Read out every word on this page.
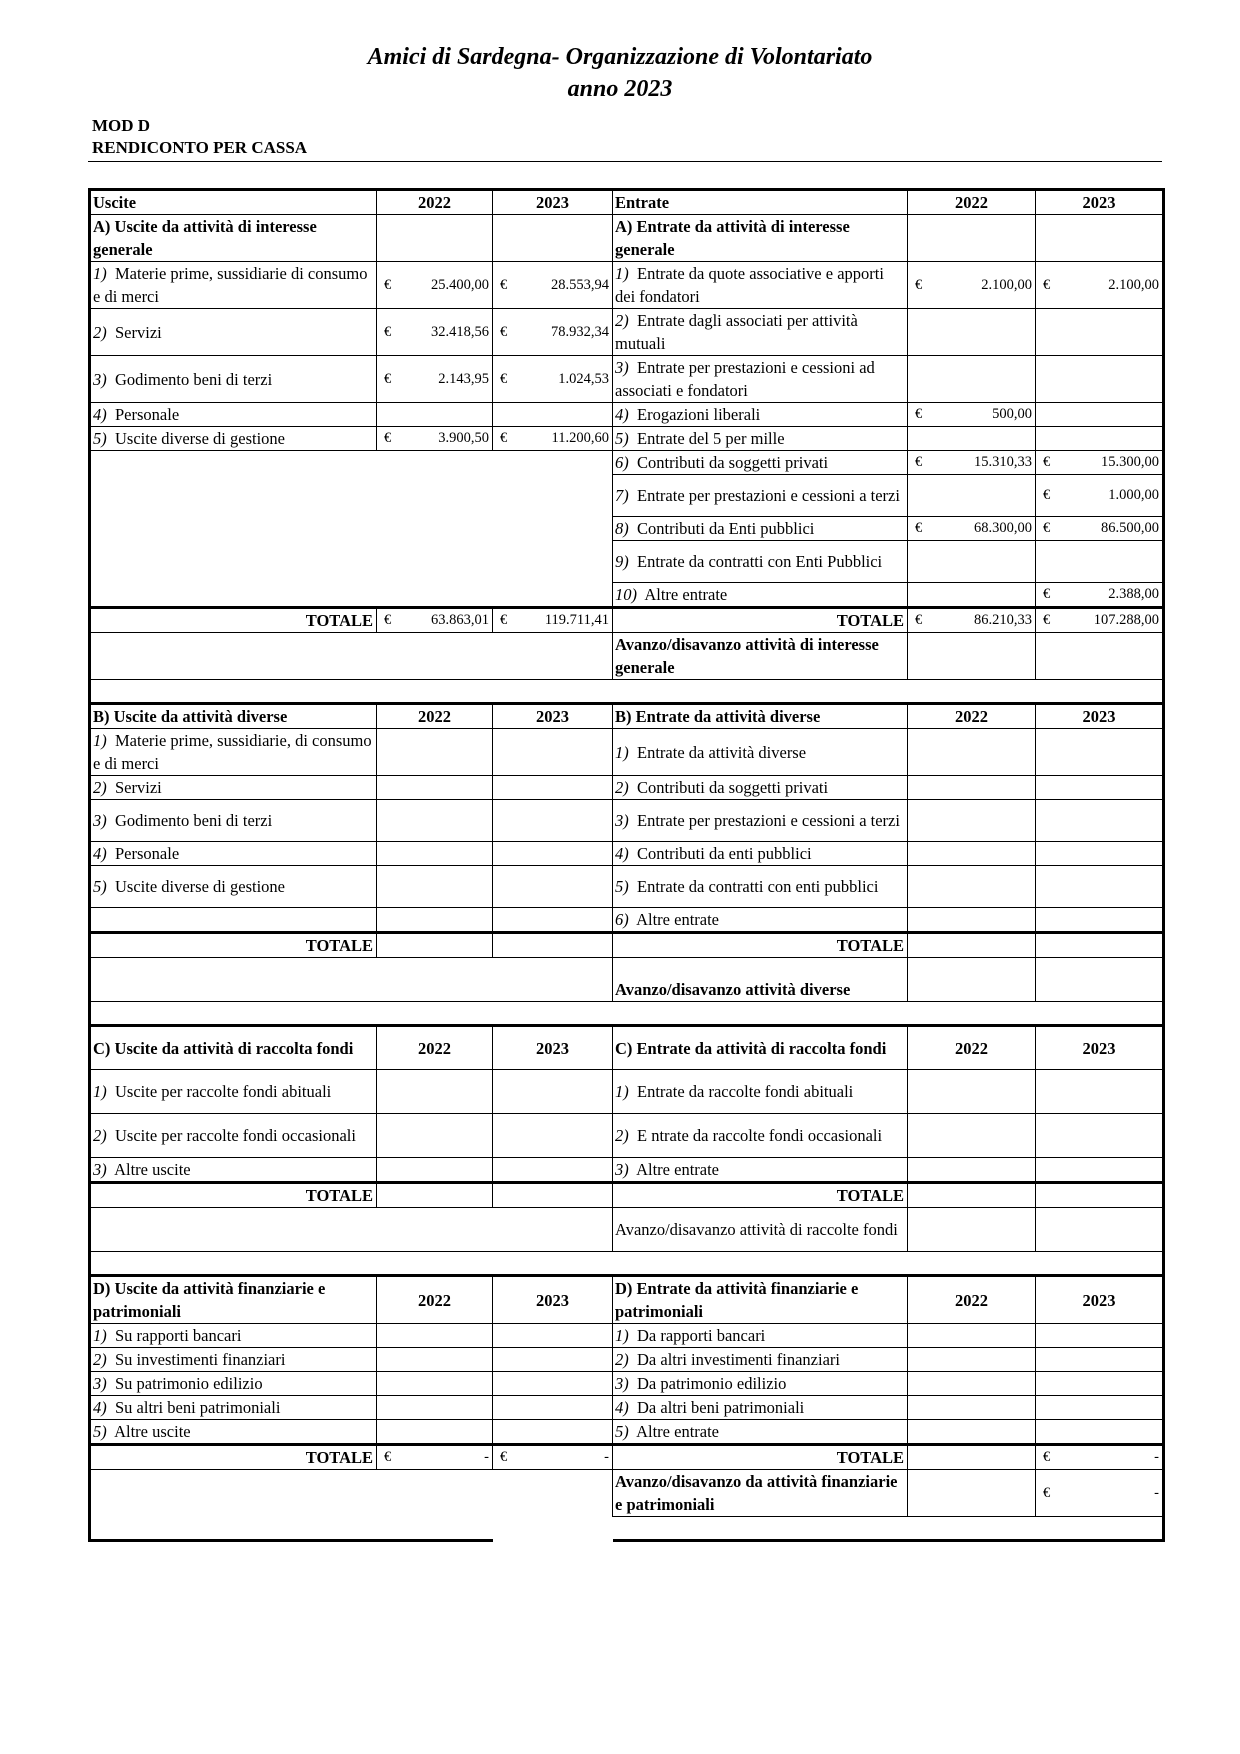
Amici di Sardegna- Organizzazione di Volontariato
anno 2023
MOD D
RENDICONTO PER CASSA
Uscite	2022	2023	Entrate	2022	2023
A) Uscite da attività di interesse generale			A) Entrate da attività di interesse generale		
1) Materie prime, sussidiarie di consumo e di merci	€ 25.400,00	€ 28.553,94	1) Entrate da quote associative e apporti dei fondatori	€ 2.100,00	€ 2.100,00

2) Servizi	€ 32.418,56	€ 78.932,34	2) Entrate dagli associati per attività mutuali		
3) Godimento beni di terzi	€ 2.143,95	€ 1.024,53	3) Entrate per prestazioni e cessioni ad associati e fondatori		
4) Personale			4) Erogazioni liberali	€ 500,00	

5) Uscite diverse di gestione	€ 3.900,50	€ 11.200,60	5) Entrate del 5 per mille		
			6) Contributi da soggetti privati	€ 15.310,33	€ 15.300,00

			7) Entrate per prestazioni e cessioni a terzi		€ 1.000,00

			8) Contributi da Enti pubblici	€ 68.300,00	€ 86.500,00

			9) Entrate da contratti con Enti Pubblici		
			10) Altre entrate		€ 2.388,00

TOTALE	€ 63.863,01	€ 119.711,41	TOTALE	€ 86.210,33	€ 107.288,00

			Avanzo/disavanzo attività di interesse generale		

B) Uscite da attività diverse	2022	2023	B) Entrate da attività diverse	2022	2023
1) Materie prime, sussidiarie, di consumo e di merci			1) Entrate da attività diverse		
2) Servizi			2) Contributi da soggetti privati		
3) Godimento beni di terzi			3) Entrate per prestazioni e cessioni a terzi		
4) Personale			4) Contributi da enti pubblici		
5) Uscite diverse di gestione			5) Entrate da contratti con enti pubblici		
			6) Altre entrate		
TOTALE			TOTALE		
			Avanzo/disavanzo attività diverse		

C) Uscite da attività di raccolta fondi	2022	2023	C) Entrate da attività di raccolta fondi	2022	2023
1) Uscite per raccolte fondi abituali			1) Entrate da raccolte fondi abituali		
2) Uscite per raccolte fondi occasionali			2) E ntrate da raccolte fondi occasionali		
3) Altre uscite			3) Altre entrate		
TOTALE			TOTALE		
			Avanzo/disavanzo attività di raccolte fondi		

D) Uscite da attività finanziarie e patrimoniali	2022	2023	D) Entrate da attività finanziarie e patrimoniali	2022	2023
1) Su rapporti bancari			1) Da rapporti bancari		
2) Su investimenti finanziari			2) Da altri investimenti finanziari		
3) Su patrimonio edilizio			3) Da patrimonio edilizio		
4) Su altri beni patrimoniali			4) Da altri beni patrimoniali		
5) Altre uscite			5) Altre entrate		
TOTALE	€ -	€ -	TOTALE		€ -

			Avanzo/disavanzo da attività finanziarie e patrimoniali		€ -
